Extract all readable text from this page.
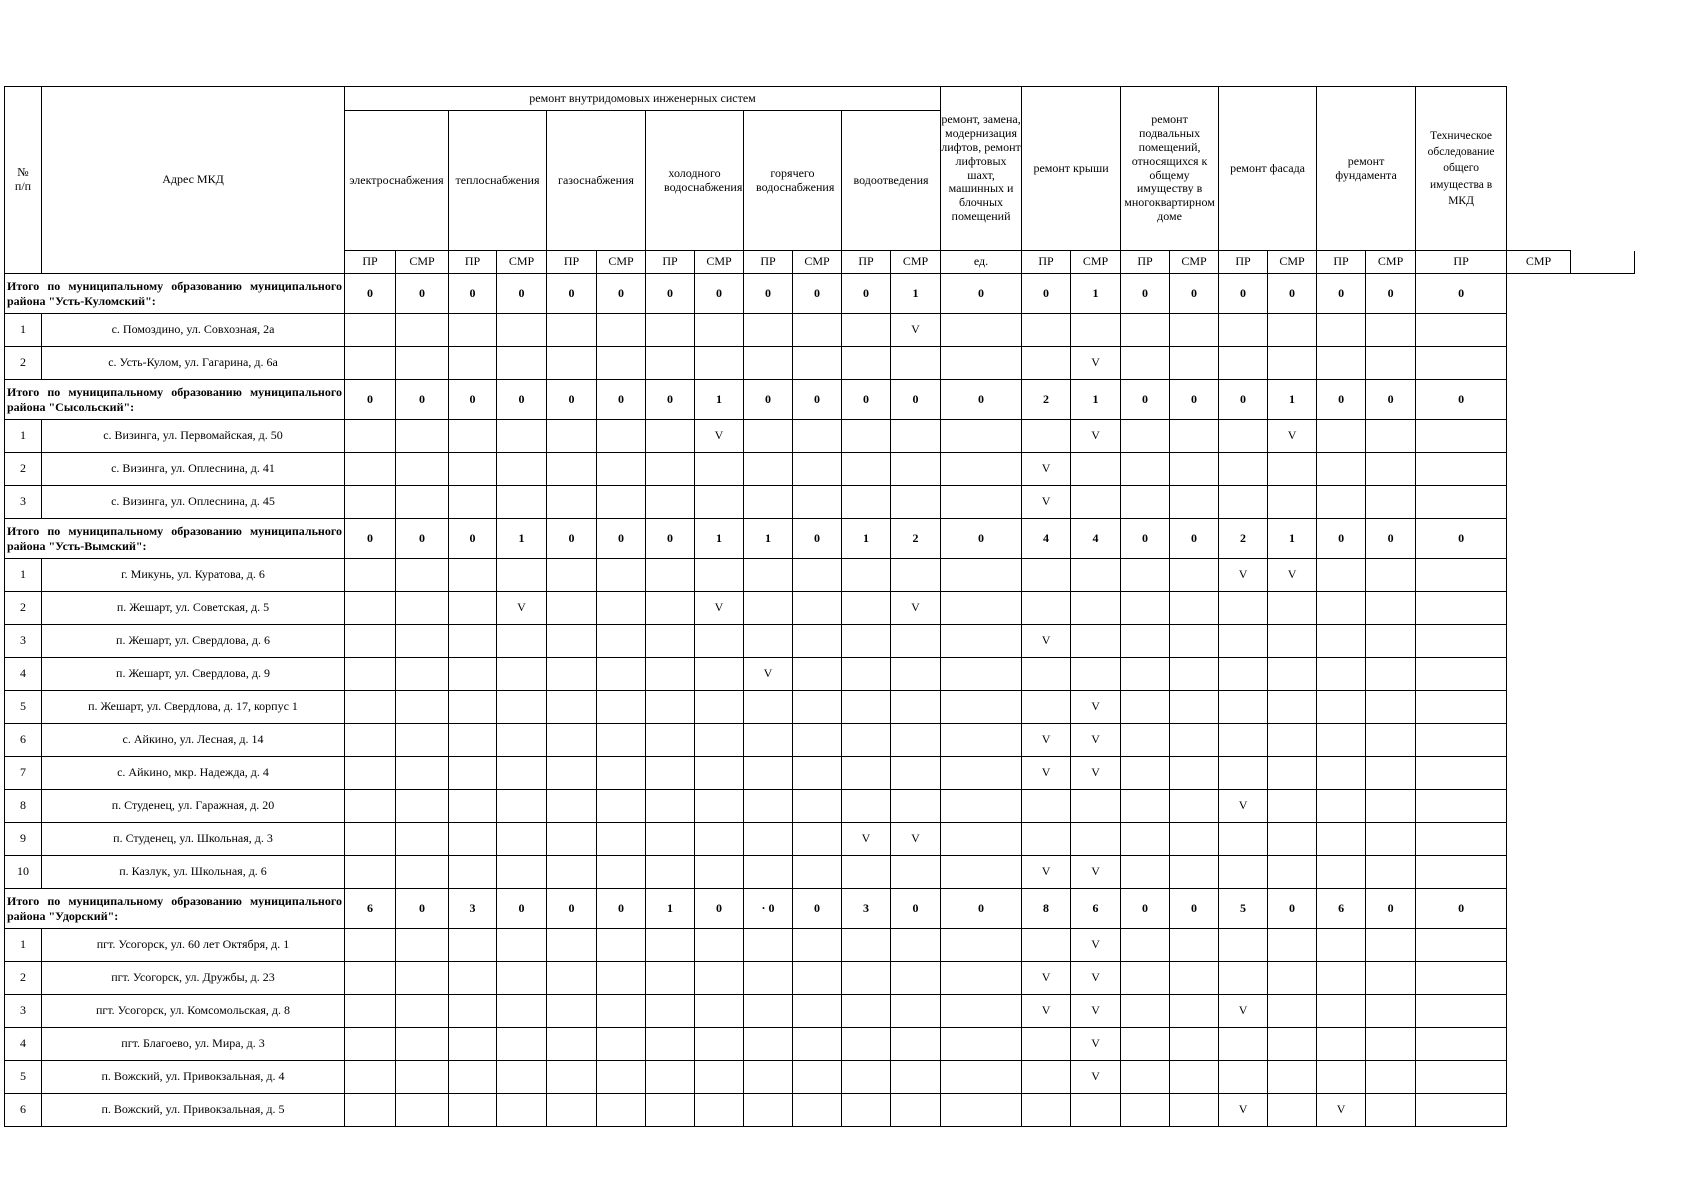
№ п/п	Адрес МКД	ремонт внутридомовых инженерных систем												ремонт, замена, модернизация лифтов, ремонт лифтовых шахт, машинных и блочных помещений	ремонт крыши		ремонт подвальных помещений, относящихся к общему имуществу в многоквартирном доме		ремонт фасада		ремонт фундамента		Техническое обследование общего имущества в МКД		
		электроснабжения		теплоснабжения		газоснабжения		холодного водоснабжения		горячего водоснабжения		водоотведения													
		ПР	СМР	ПР	СМР	ПР	СМР	ПР	СМР	ПР	СМР	ПР	СМР	ед.	ПР	СМР	ПР	СМР	ПР	СМР	ПР	СМР	ПР	СМР	
Итого по муниципальному образованию муниципального района "Усть-Куломский":		0	0	0	0	0	0	0	0	0	0	0	1	0	0	1	0	0	0	0	0	0	0		
1	с. Помоздино, ул. Совхозная, 2а												V												
2	с. Усть-Кулом, ул. Гагарина, д. 6а															V									
Итого по муниципальному образованию муниципального района "Сысольский":		0	0	0	0	0	0	0	1	0	0	0	0	0	2	1	0	0	0	1	0	0	0		
1	с. Визинга, ул. Первомайская, д. 50								V							V				V					
2	с. Визинга, ул. Оплеснина, д. 41														V										
3	с. Визинга, ул. Оплеснина, д. 45														V										
Итого по муниципальному образованию муниципального района "Усть-Вымский":		0	0	0	1	0	0	0	1	1	0	1	2	0	4	4	0	0	2	1	0	0	0		
1	г. Микунь, ул. Куратова, д. 6																		V	V					
2	п. Жешарт, ул. Советская, д. 5				V				V				V												
3	п. Жешарт, ул. Свердлова, д. 6														V										
4	п. Жешарт, ул. Свердлова, д. 9									V															
5	п. Жешарт, ул. Свердлова, д. 17, корпус 1															V									
6	с. Айкино, ул. Лесная, д. 14														V	V									
7	с. Айкино, мкр. Надежда, д. 4														V	V									
8	п. Студенец, ул. Гаражная, д. 20																		V						
9	п. Студенец, ул. Школьная, д. 3											V	V												
10	п. Казлук, ул. Школьная, д. 6														V	V									
Итого по муниципальному образованию муниципального района "Удорский":		6	0	3	0	0	0	1	0	· 0	0	3	0	0	8	6	0	0	5	0	6	0	0		
1	пгт. Усогорск, ул. 60 лет Октября, д. 1															V									
2	пгт. Усогорск, ул. Дружбы, д. 23														V	V									
3	пгт. Усогорск, ул. Комсомольская, д. 8														V	V			V						
4	пгт. Благоево, ул. Мира, д. 3															V									
5	п. Вожский, ул. Привокзальная, д. 4															V									
6	п. Вожский, ул. Привокзальная, д. 5																		V		V				
